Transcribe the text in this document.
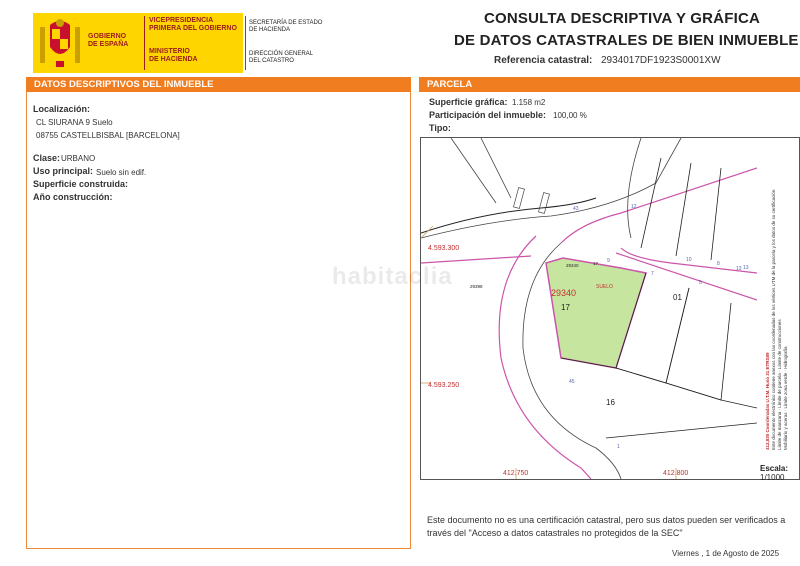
GOBIERNO
DE ESPAÑA
VICEPRESIDENCIA
PRIMERA DEL GOBIERNO
MINISTERIO
DE HACIENDA
SECRETARÍA DE ESTADO
DE HACIENDA
DIRECCIÓN GENERAL
DEL CATASTRO
CONSULTA DESCRIPTIVA Y GRÁFICA
DE DATOS CATASTRALES DE BIEN INMUEBLE
Referencia catastral: 2934017DF1923S0001XW
DATOS DESCRIPTIVOS DEL INMUEBLE
Localización:
CL SIURANA 9 Suelo
08755 CASTELLBISBAL [BARCELONA]
Clase: URBANO
Uso principal: Suelo sin edif.
Superficie construida:
Año construcción:
PARCELA
Superficie gráfica: 1.158 m2
Participación del inmueble: 100,00 %
Tipo:
29340
17
SUELO
29340	17
29398
01
16
9
7
5
10
8
13
12
43
45
1
13
4.593.300
4.593.250
412.750	412.800
412,830 Coordenadas U.T.M. Huso 31 ETRS89 Este documento electrónico contiene anexos con las coordenadas de los vértices UTM de la parcela y los datos de su certificación Límite de manzana · Límite de parcela · Límite de construcciones
Mobiliario y aceras · Límite zona verde · Hidrografía
Escala:
1/1000
Este documento no es una certificación catastral, pero sus datos pueden ser verificados a través del "Acceso a datos catastrales no protegidos de la SEC"
Viernes , 1 de Agosto de 2025
habitaclia
